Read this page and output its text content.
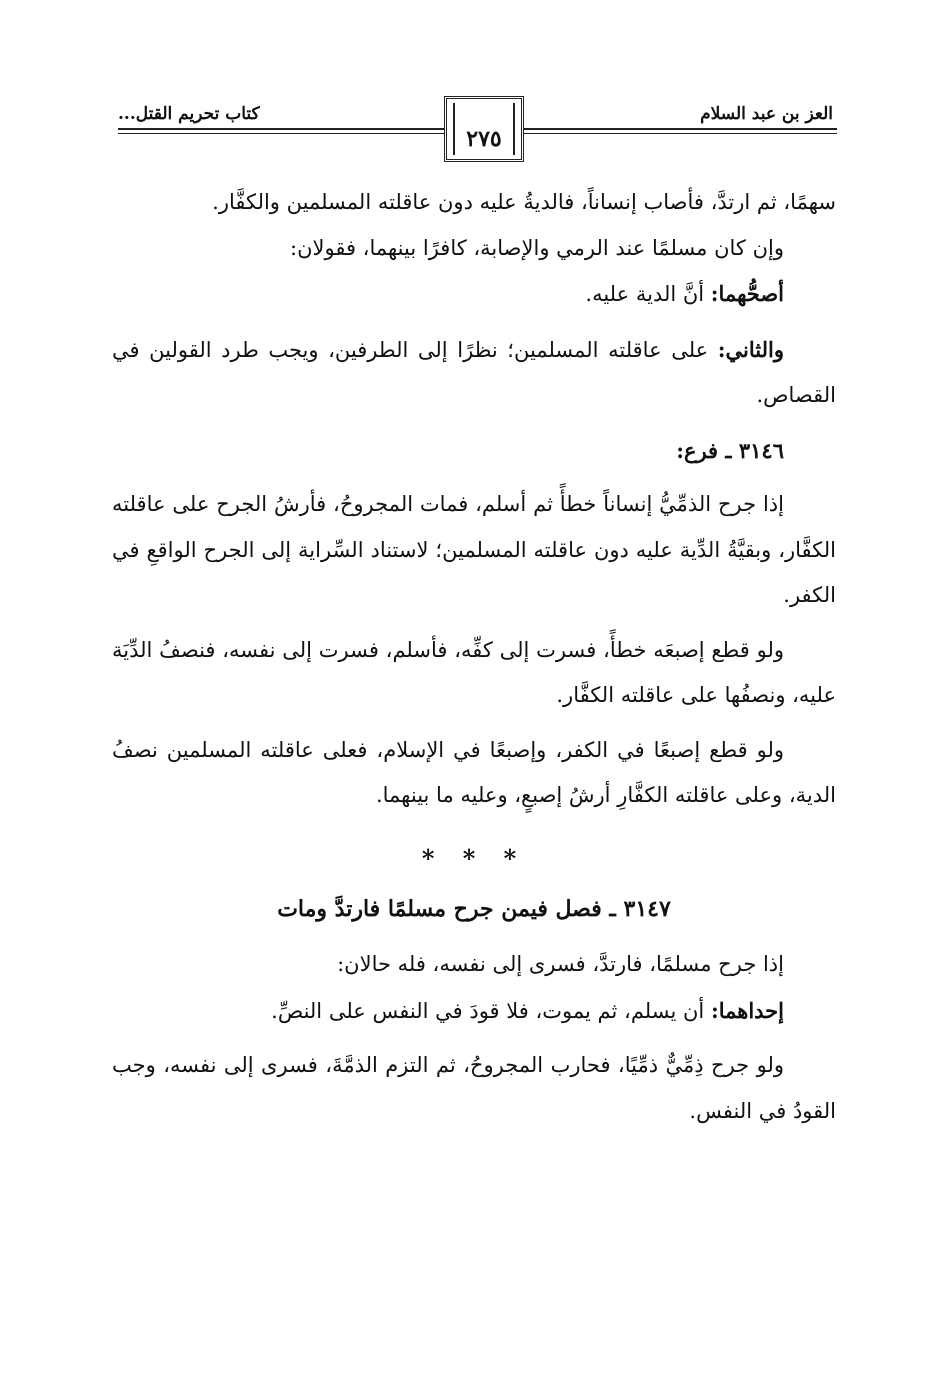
العز بن عبد السلام
كتاب تحريم القتل...
٢٧٥

سهمًا، ثم ارتدَّ، فأصاب إنساناً، فالديةُ عليه دون عاقلته المسلمين والكفَّار.

وإن كان مسلمًا عند الرمي والإصابة، كافرًا بينهما، فقولان:

أصحُّهما: أنَّ الدية عليه.

والثاني: على عاقلته المسلمين؛ نظرًا إلى الطرفين، ويجب طرد القولين في القصاص.

٣١٤٦ ـ فرع:

إذا جرح الذمِّيُّ إنساناً خطأً ثم أسلم، فمات المجروحُ، فأرشُ الجرح على عاقلته الكفَّار، وبقيَّةُ الدِّية عليه دون عاقلته المسلمين؛ لاستناد السِّراية إلى الجرح الواقعِ في الكفر.

ولو قطع إصبعَه خطأً، فسرت إلى كفِّه، فأسلم، فسرت إلى نفسه، فنصفُ الدِّيَة عليه، ونصفُها على عاقلته الكفَّار.

ولو قطع إصبعًا في الكفر، وإصبعًا في الإسلام، فعلى عاقلته المسلمين نصفُ الدية، وعلى عاقلته الكفَّارِ أرشُ إصبعٍ، وعليه ما بينهما.

* * *

٣١٤٧ ـ فصل فيمن جرح مسلمًا فارتدَّ ومات

إذا جرح مسلمًا، فارتدَّ، فسرى إلى نفسه، فله حالان:

إحداهما: أن يسلم، ثم يموت، فلا قودَ في النفس على النصِّ.

ولو جرح ذِمِّيٌّ ذمِّيًا، فحارب المجروحُ، ثم التزم الذمَّةَ، فسرى إلى نفسه، وجب القودُ في النفس.
